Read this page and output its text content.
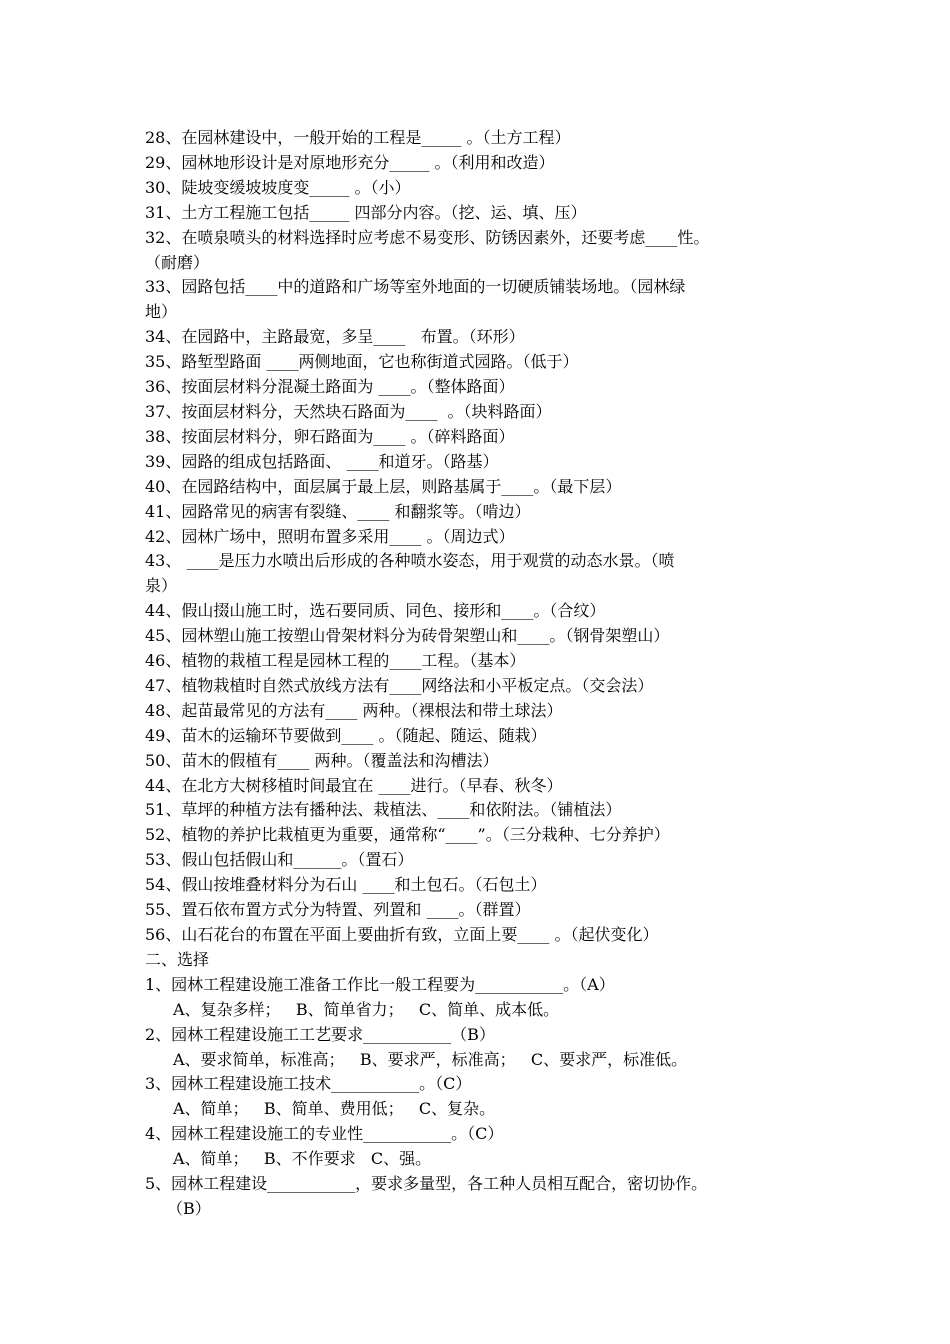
28、在园林建设中，一般开始的工程是_____ 。（土方工程）
29、园林地形设计是对原地形充分_____ 。（利用和改造）
30、陡坡变缓坡坡度变_____ 。（小）
31、土方工程施工包括_____ 四部分内容。（挖、运、填、压）
32、在喷泉喷头的材料选择时应考虑不易变形、防锈因素外，还要考虑____性。
（耐磨）
33、园路包括____中的道路和广场等室外地面的一切硬质铺装场地。（园林绿
地）
34、在园路中，主路最宽，多呈____   布置。（环形）
35、路堑型路面 ____两侧地面，它也称街道式园路。（低于）
36、按面层材料分混凝土路面为 ____。（整体路面）
37、按面层材料分，天然块石路面为____  。（块料路面）
38、按面层材料分，卵石路面为____ 。（碎料路面）
39、园路的组成包括路面、 ____和道牙。（路基）
40、在园路结构中，面层属于最上层，则路基属于____。（最下层）
41、园路常见的病害有裂缝、____ 和翻浆等。（啃边）
42、园林广场中，照明布置多采用____ 。（周边式）
43、 ____是压力水喷出后形成的各种喷水姿态，用于观赏的动态水景。（喷
泉）
44、假山掇山施工时，选石要同质、同色、接形和____。（合纹）
45、园林塑山施工按塑山骨架材料分为砖骨架塑山和____。（钢骨架塑山）
46、植物的栽植工程是园林工程的____工程。（基本）
47、植物栽植时自然式放线方法有____网络法和小平板定点。（交会法）
48、起苗最常见的方法有____ 两种。（裸根法和带土球法）
49、苗木的运输环节要做到____ 。（随起、随运、随栽）
50、苗木的假植有____ 两种。（覆盖法和沟槽法）
44、在北方大树移植时间最宜在 ____进行。（早春、秋冬）
51、草坪的种植方法有播种法、栽植法、____和依附法。（铺植法）
52、植物的养护比栽植更为重要，通常称“____”。（三分栽种、七分养护）
53、假山包括假山和______。（置石）
54、假山按堆叠材料分为石山 ____和土包石。（石包土）
55、置石依布置方式分为特置、列置和 ____。（群置）
56、山石花台的布置在平面上要曲折有致，立面上要____ 。（起伏变化）
二、选择
1、园林工程建设施工准备工作比一般工程要为___________。（A）
A、复杂多样；   B、简单省力；   C、简单、成本低。
2、园林工程建设施工工艺要求___________（B）
A、要求简单，标准高；   B、要求严，标准高；   C、要求严，标准低。
3、园林工程建设施工技术___________。（C）
A、简单；   B、简单、费用低；   C、复杂。
4、园林工程建设施工的专业性___________。（C）
A、简单；   B、不作要求   C、强。
5、园林工程建设___________，要求多量型，各工种人员相互配合，密切协作。
（B）
